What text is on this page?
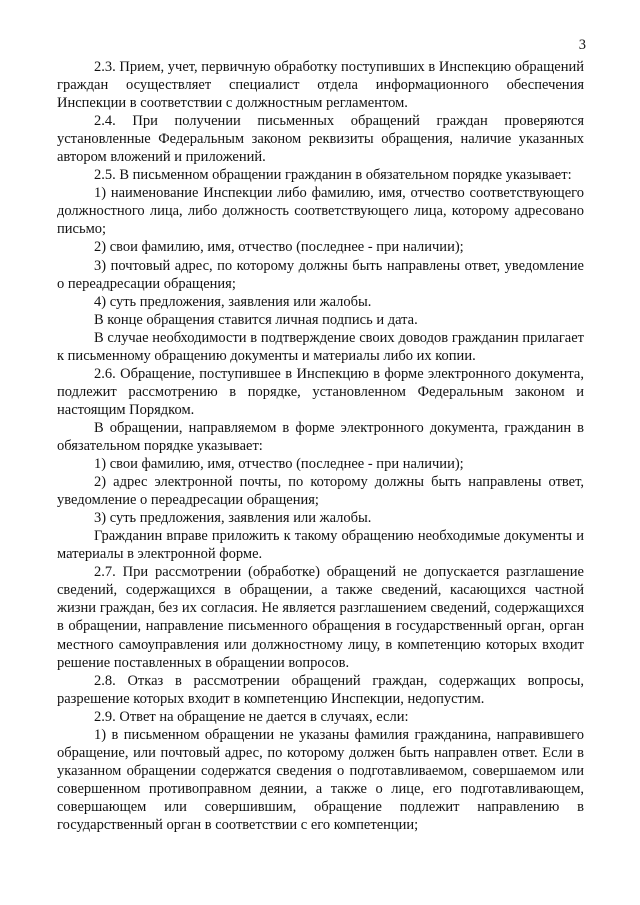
3

2.3. Прием, учет, первичную обработку поступивших в Инспекцию обращений граждан осуществляет специалист отдела информационного обеспечения Инспекции в соответствии с должностным регламентом.

2.4. При получении письменных обращений граждан проверяются установленные Федеральным законом реквизиты обращения, наличие указанных автором вложений и приложений.

2.5. В письменном обращении гражданин в обязательном порядке указывает:

1) наименование Инспекции либо фамилию, имя, отчество соответствующего должностного лица, либо должность соответствующего лица, которому адресовано письмо;

2) свои фамилию, имя, отчество (последнее - при наличии);

3) почтовый адрес, по которому должны быть направлены ответ, уведомление о переадресации обращения;

4) суть предложения, заявления или жалобы.

В конце обращения ставится личная подпись и дата.

В случае необходимости в подтверждение своих доводов гражданин прилагает к письменному обращению документы и материалы либо их копии.

2.6. Обращение, поступившее в Инспекцию в форме электронного документа, подлежит рассмотрению в порядке, установленном Федеральным законом и настоящим Порядком.

В обращении, направляемом в форме электронного документа, гражданин в обязательном порядке указывает:

1) свои фамилию, имя, отчество (последнее - при наличии);

2) адрес электронной почты, по которому должны быть направлены ответ, уведомление о переадресации обращения;

3) суть предложения, заявления или жалобы.

Гражданин вправе приложить к такому обращению необходимые документы и материалы в электронной форме.

2.7. При рассмотрении (обработке) обращений не допускается разглашение сведений, содержащихся в обращении, а также сведений, касающихся частной жизни граждан, без их согласия. Не является разглашением сведений, содержащихся в обращении, направление письменного обращения в государственный орган, орган местного самоуправления или должностному лицу, в компетенцию которых входит решение поставленных в обращении вопросов.

2.8. Отказ в рассмотрении обращений граждан, содержащих вопросы, разрешение которых входит в компетенцию Инспекции, недопустим.

2.9. Ответ на обращение не дается в случаях, если:

1) в письменном обращении не указаны фамилия гражданина, направившего обращение, или почтовый адрес, по которому должен быть направлен ответ. Если в указанном обращении содержатся сведения о подготавливаемом, совершаемом или совершенном противоправном деянии, а также о лице, его подготавливающем, совершающем или совершившим, обращение подлежит направлению в государственный орган в соответствии с его компетенции;
